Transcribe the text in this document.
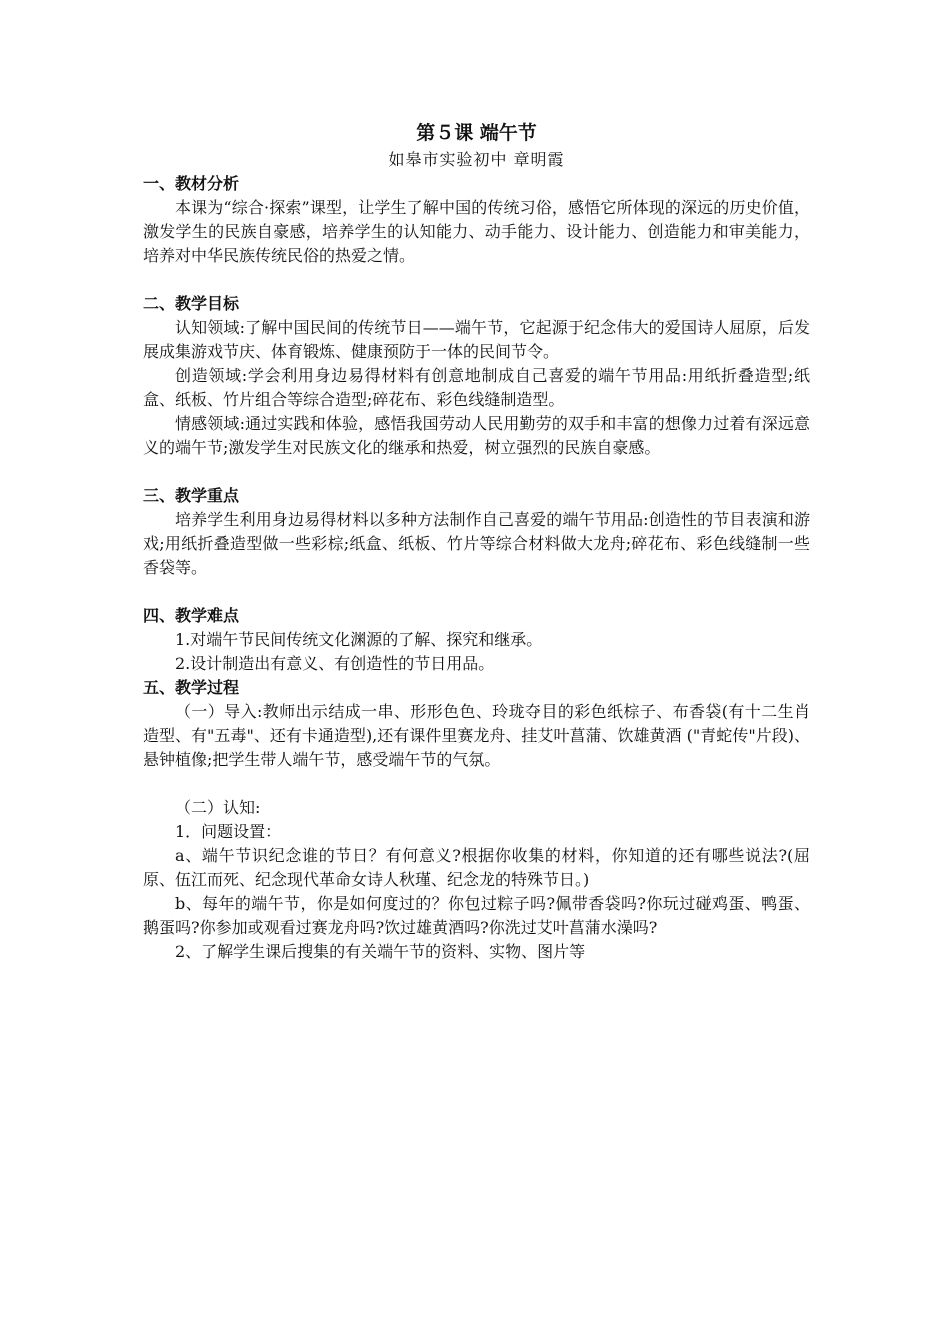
第５课 端午节

如皋市实验初中 章明霞

一、教材分析

本课为“综合·探索”课型，让学生了解中国的传统习俗，感悟它所体现的深远的历史价值，激发学生的民族自豪感，培养学生的认知能力、动手能力、设计能力、创造能力和审美能力，培养对中华民族传统民俗的热爱之情。

二、教学目标

认知领域:了解中国民间的传统节日——端午节，它起源于纪念伟大的爱国诗人屈原，后发展成集游戏节庆、体育锻炼、健康预防于一体的民间节令。

创造领域:学会利用身边易得材料有创意地制成自己喜爱的端午节用品:用纸折叠造型;纸盒、纸板、竹片组合等综合造型;碎花布、彩色线缝制造型。

情感领域:通过实践和体验，感悟我国劳动人民用勤劳的双手和丰富的想像力过着有深远意义的端午节;激发学生对民族文化的继承和热爱，树立强烈的民族自豪感。

三、教学重点

培养学生利用身边易得材料以多种方法制作自己喜爱的端午节用品:创造性的节目表演和游戏;用纸折叠造型做一些彩棕;纸盒、纸板、竹片等综合材料做大龙舟;碎花布、彩色线缝制一些香袋等。

四、教学难点

1.对端午节民间传统文化渊源的了解、探究和继承。

2.设计制造出有意义、有创造性的节日用品。

五、教学过程

（一）导入:教师出示结成一串、形形色色、玲珑夺目的彩色纸棕子、布香袋(有十二生肖造型、有"五毒"、还有卡通造型),还有课件里赛龙舟、挂艾叶菖蒲、饮雄黄酒 ("青蛇传"片段)、悬钟植像;把学生带人端午节，感受端午节的气氛。

（二）认知:

1．问题设置：

a、端午节识纪念谁的节日？有何意义?根据你收集的材料，你知道的还有哪些说法?(屈原、伍江而死、纪念现代革命女诗人秋瑾、纪念龙的特殊节日。)

b、每年的端午节，你是如何度过的？你包过粽子吗?佩带香袋吗?你玩过碰鸡蛋、鸭蛋、鹅蛋吗?你参加或观看过赛龙舟吗?饮过雄黄酒吗?你洗过艾叶菖蒲水澡吗?

2、了解学生课后搜集的有关端午节的资料、实物、图片等
